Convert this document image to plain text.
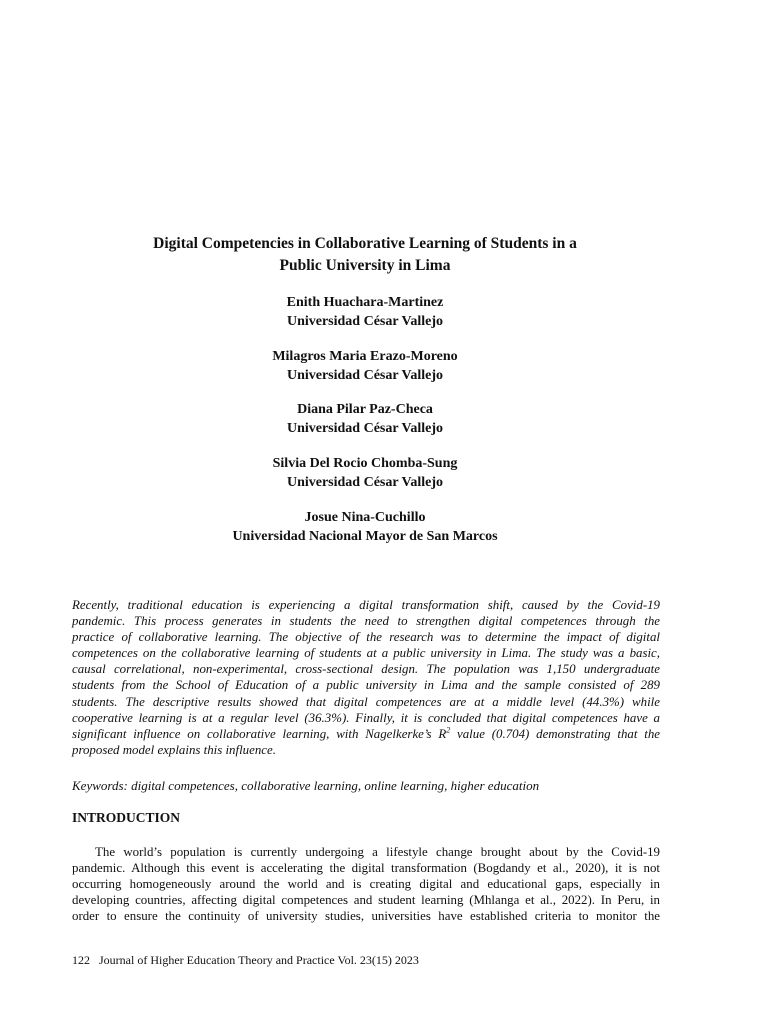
Digital Competencies in Collaborative Learning of Students in a
Public University in Lima
Enith Huachara-Martinez
Universidad César Vallejo
Milagros Maria Erazo-Moreno
Universidad César Vallejo
Diana Pilar Paz-Checa
Universidad César Vallejo
Silvia Del Rocio Chomba-Sung
Universidad César Vallejo
Josue Nina-Cuchillo
Universidad Nacional Mayor de San Marcos
Recently, traditional education is experiencing a digital transformation shift, caused by the Covid-19
pandemic. This process generates in students the need to strengthen digital competences through the
practice of collaborative learning. The objective of the research was to determine the impact of digital
competences on the collaborative learning of students at a public university in Lima. The study was a basic,
causal correlational, non-experimental, cross-sectional design. The population was 1,150 undergraduate
students from the School of Education of a public university in Lima and the sample consisted of 289
students. The descriptive results showed that digital competences are at a middle level (44.3%) while
cooperative learning is at a regular level (36.3%). Finally, it is concluded that digital competences have a
significant influence on collaborative learning, with Nagelkerke’s $R^2$ value (0.704) demonstrating that the
proposed model explains this influence.
Keywords: digital competences, collaborative learning, online learning, higher education
INTRODUCTION
The world’s population is currently undergoing a lifestyle change brought about by the Covid-19
pandemic. Although this event is accelerating the digital transformation (Bogdandy et al., 2020), it is not
occurring homogeneously around the world and is creating digital and educational gaps, especially in
developing countries, affecting digital competences and student learning (Mhlanga et al., 2022). In Peru, in
order to ensure the continuity of university studies, universities have established criteria to monitor the
122 Journal of Higher Education Theory and Practice Vol. 23(15) 2023
